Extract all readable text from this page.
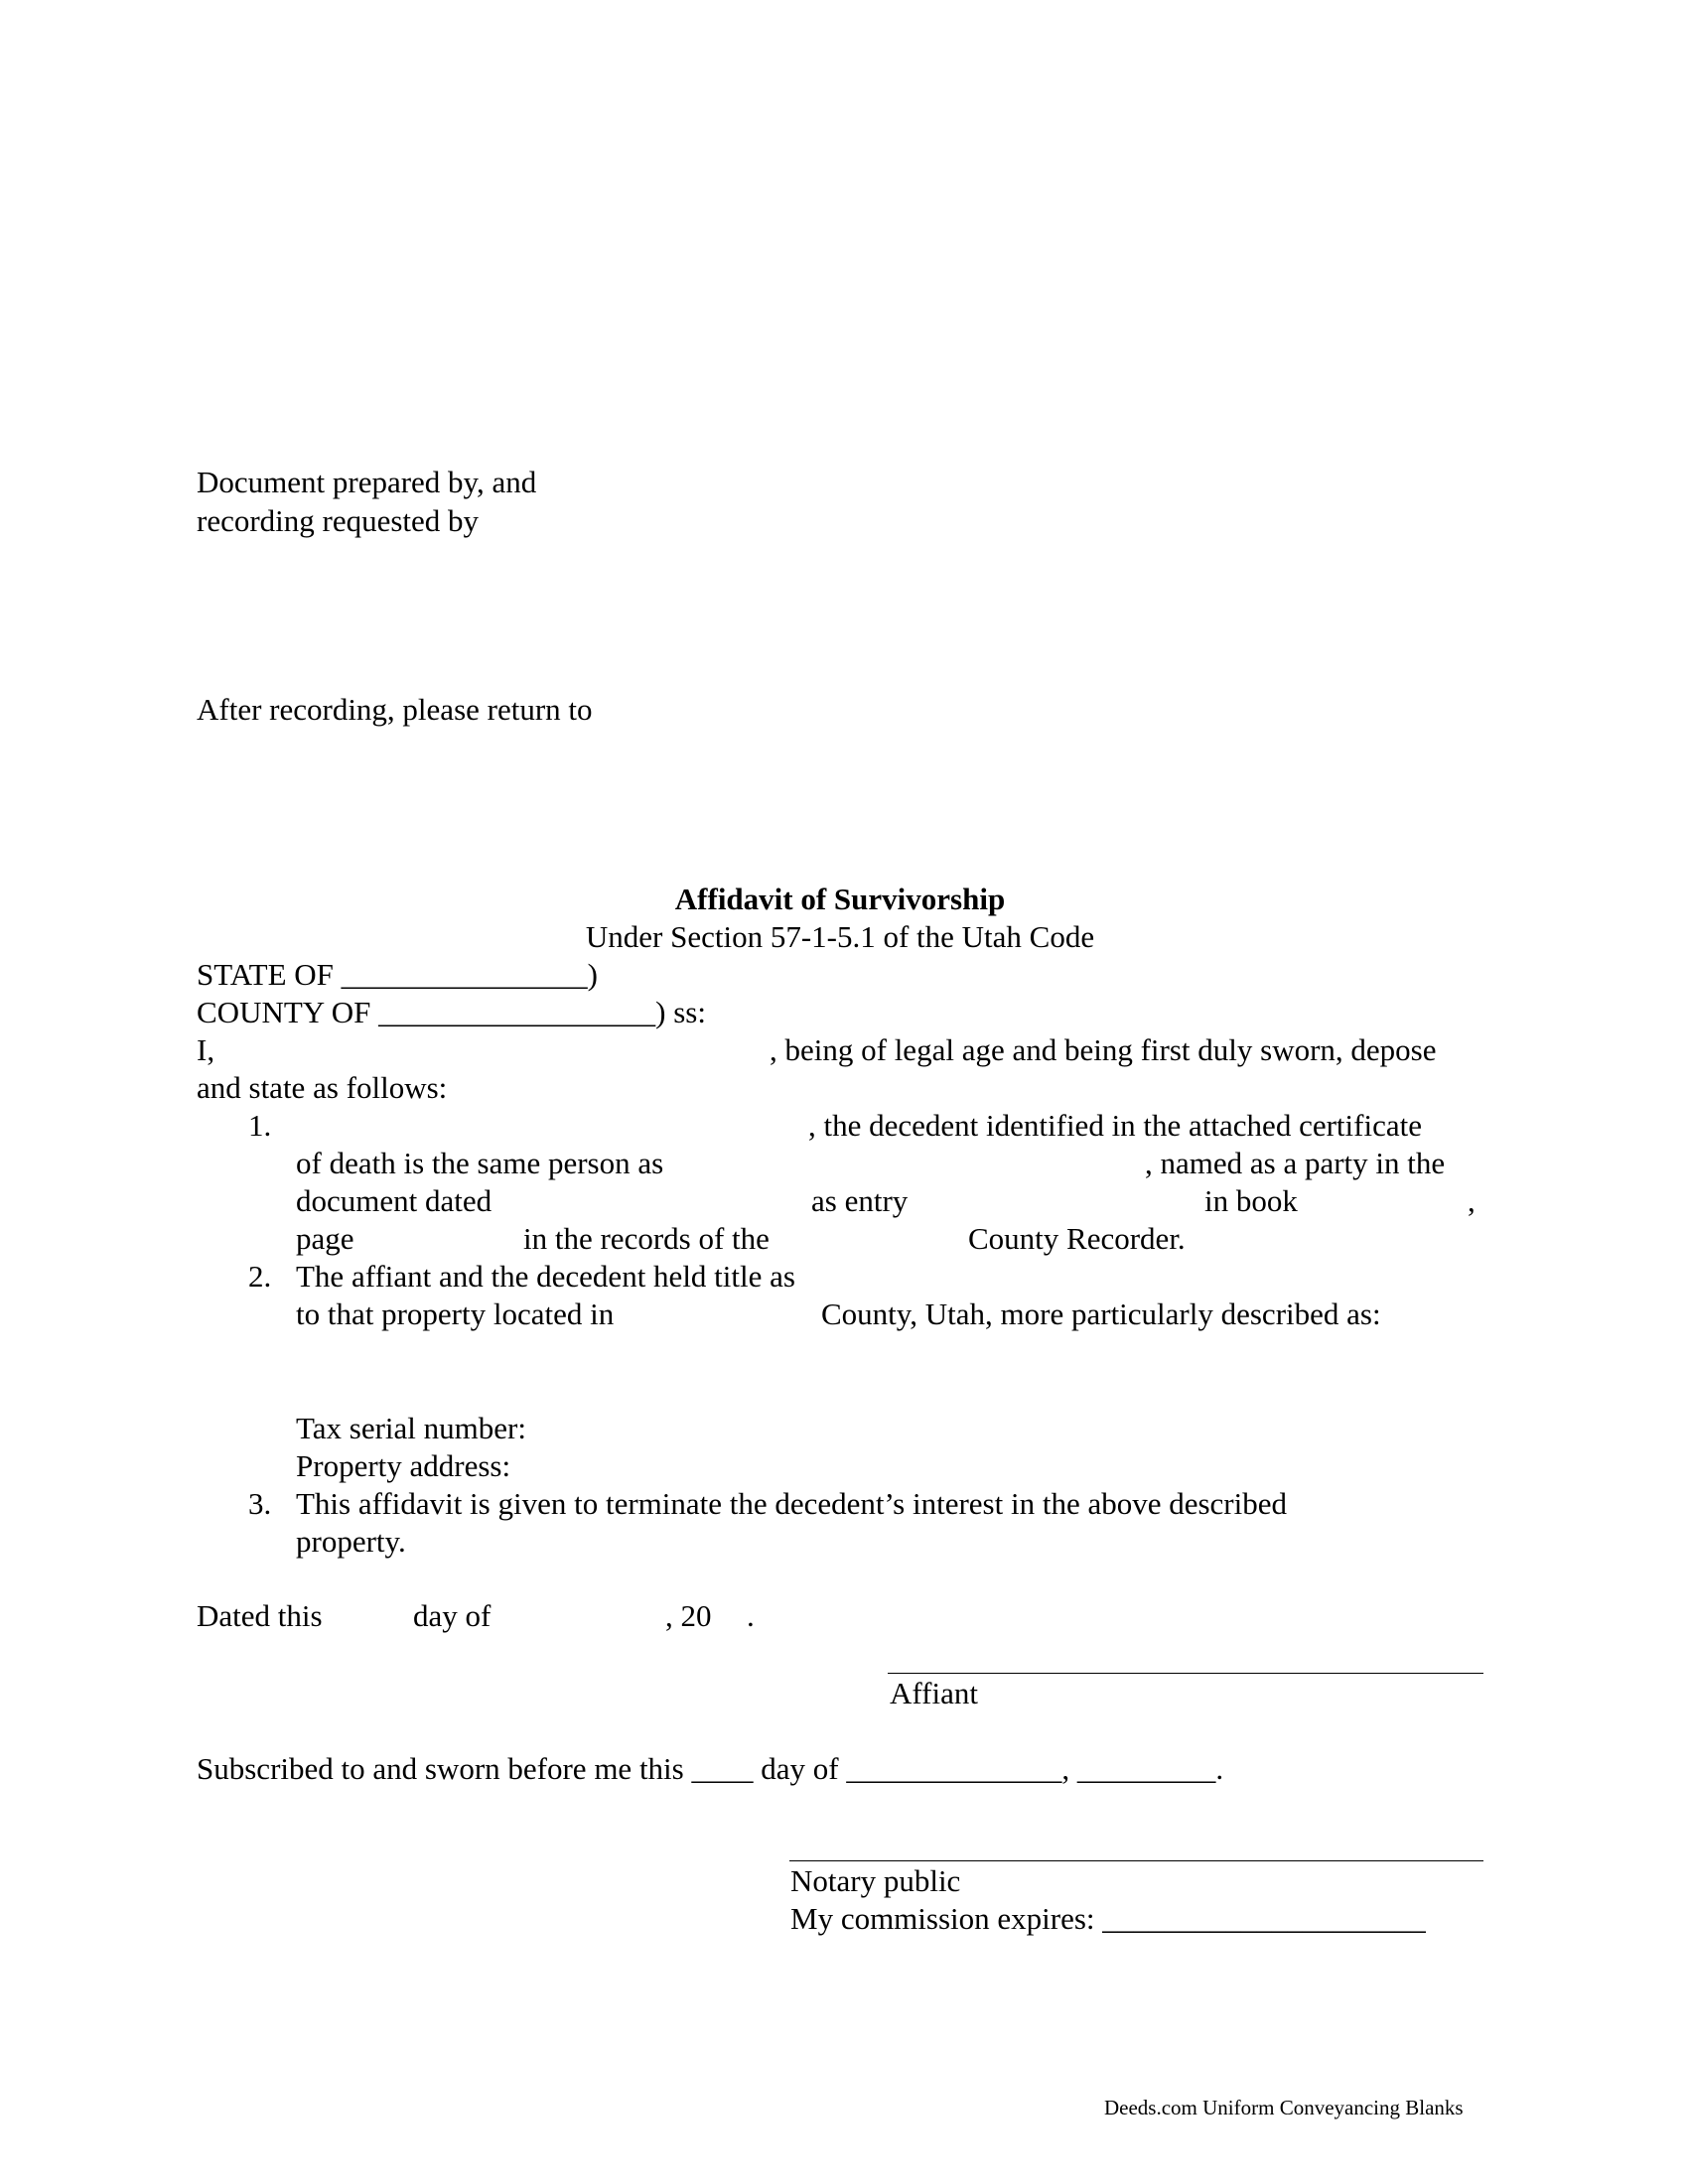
Document prepared by, and
recording requested by
After recording, please return to
Affidavit of Survivorship
Under Section 57-1-5.1 of the Utah Code
STATE OF ________________)
COUNTY OF __________________) ss:
I,	, being of legal age and being first duly sworn, depose
and state as follows:
1.	, the decedent identified in the attached certificate
of death is the same person as	, named as a party in the
document dated	as entry	in book	,
page	in the records of the	County Recorder.
2. The affiant and the decedent held title as
to that property located in	County, Utah, more particularly described as:
Tax serial number:
Property address:
3. This affidavit is given to terminate the decedent’s interest in the above described
property.
Dated this	day of	, 20 .
Affiant
Subscribed to and sworn before me this ____ day of ______________, _________.
Notary public
My commission expires: _____________________
Deeds.com Uniform Conveyancing Blanks
